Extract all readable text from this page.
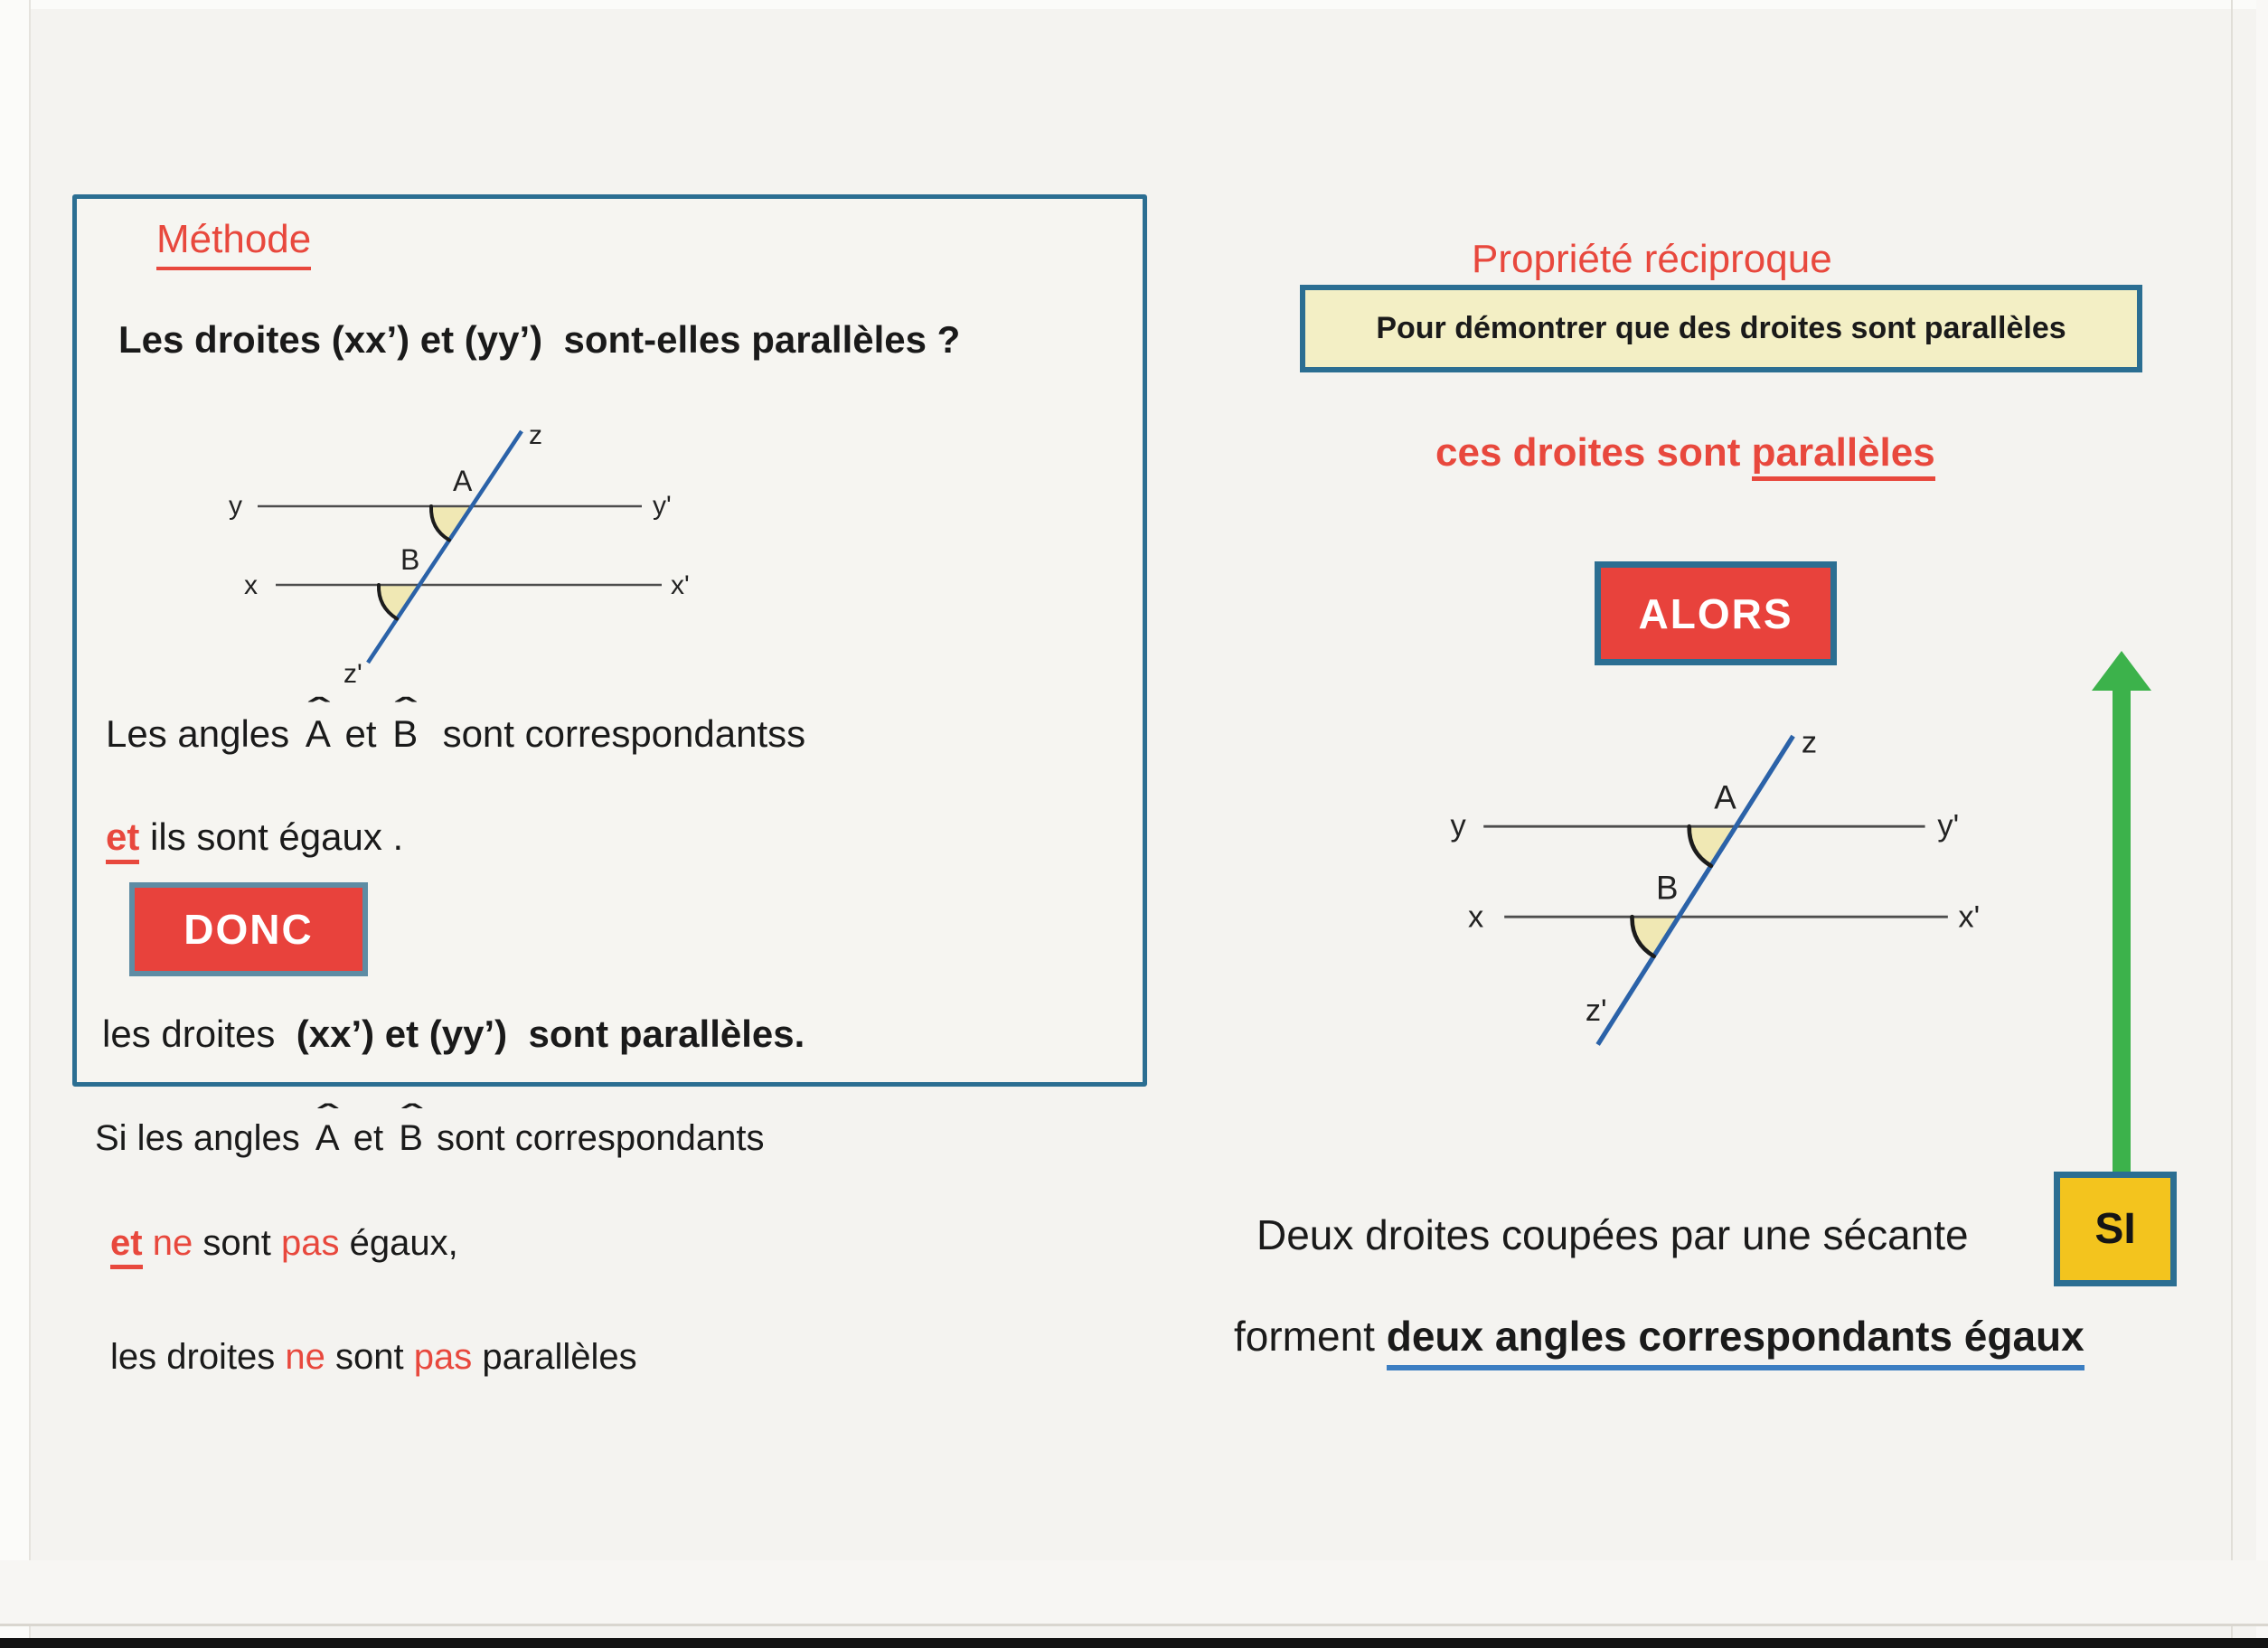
Méthode
Les droites (xx’) et (yy’)  sont-elles parallèles ?
y	y'
x	x'
z
z'
A
B
Les angles ˆ A et ˆ B  sont correspondantss
et ils sont égaux .
DONC
les droites  (xx’) et (yy’)  sont parallèles.
Si les angles ˆ A et ˆ B sont correspondants
et ne sont pas égaux,
les droites ne sont pas parallèles
Propriété réciproque
Pour démontrer que des droites sont parallèles
ces droites sont parallèles
ALORS
y	y'
x	x'
z
z'
A
B
SI
Deux droites coupées par une sécante
forment deux angles correspondants égaux
